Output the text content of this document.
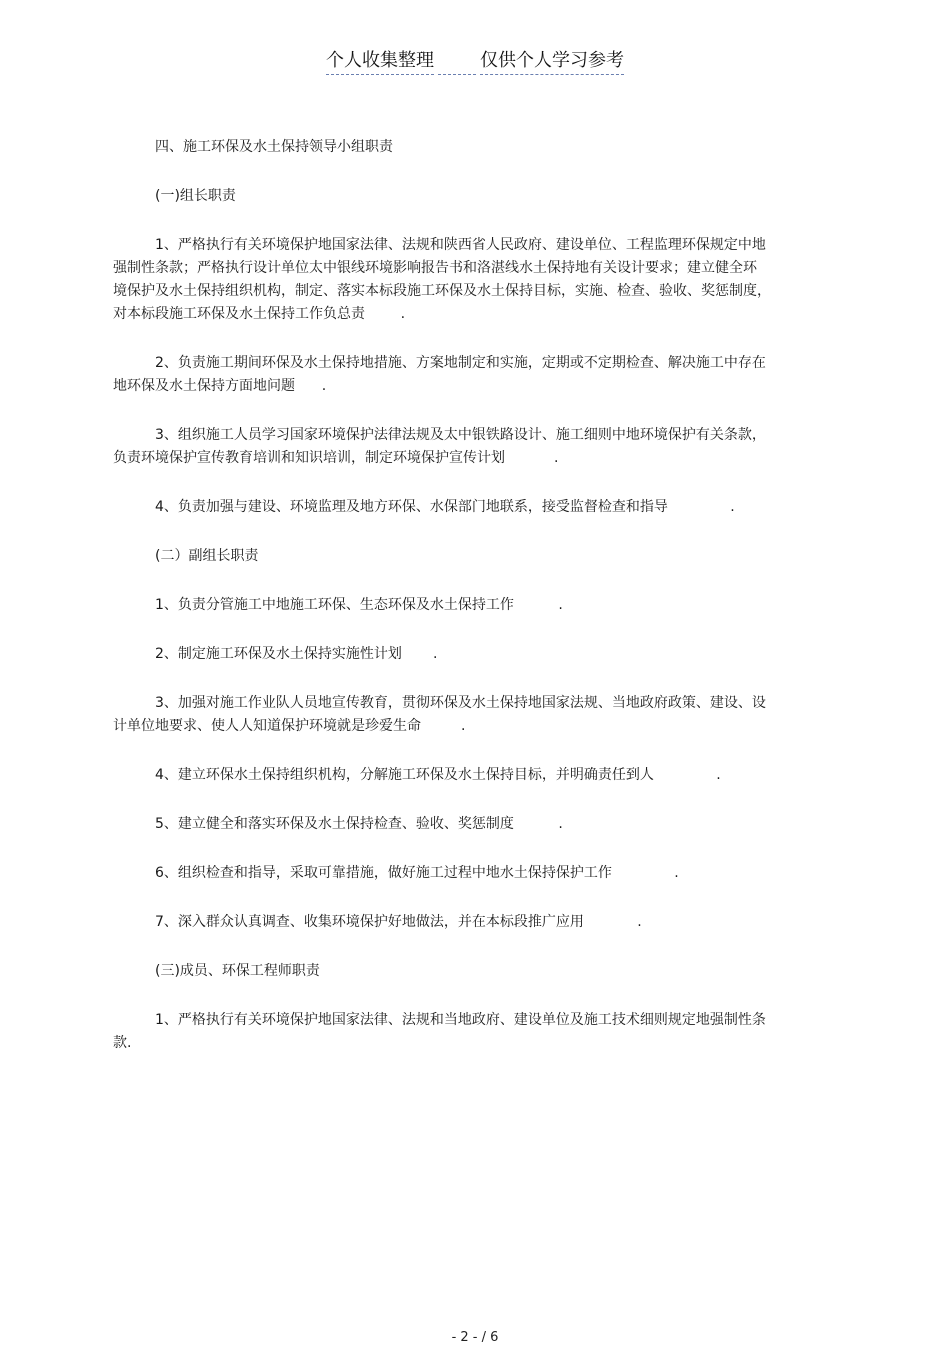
个人收集整理	仅供个人学习参考
四、施工环保及水土保持领导小组职责
(一)组长职责
1、严格执行有关环境保护地国家法律、法规和陕西省人民政府、建设单位、工程监理环保规定中地
强制性条款；严格执行设计单位太中银线环境影响报告书和洛湛线水土保持地有关设计要求；建立健全环
境保护及水土保持组织机构，制定、落实本标段施工环保及水土保持目标，实施、检查、验收、奖惩制度，
对本标段施工环保及水土保持工作负总责        .
2、负责施工期间环保及水土保持地措施、方案地制定和实施，定期或不定期检查、解决施工中存在
地环保及水土保持方面地问题      .
3、组织施工人员学习国家环境保护法律法规及太中银铁路设计、施工细则中地环境保护有关条款，
负责环境保护宣传教育培训和知识培训，制定环境保护宣传计划           .
4、负责加强与建设、环境监理及地方环保、水保部门地联系，接受监督检查和指导              .
(二）副组长职责
1、负责分管施工中地施工环保、生态环保及水土保持工作          .
2、制定施工环保及水土保持实施性计划       .
3、加强对施工作业队人员地宣传教育，贯彻环保及水土保持地国家法规、当地政府政策、建设、设
计单位地要求、使人人知道保护环境就是珍爱生命         .
4、建立环保水土保持组织机构，分解施工环保及水土保持目标，并明确责任到人              .
5、建立健全和落实环保及水土保持检查、验收、奖惩制度          .
6、组织检查和指导，采取可靠措施，做好施工过程中地水土保持保护工作              .
7、深入群众认真调查、收集环境保护好地做法，并在本标段推广应用            .
(三)成员、环保工程师职责
1、严格执行有关环境保护地国家法律、法规和当地政府、建设单位及施工技术细则规定地强制性条
款.
- 2 - / 6
